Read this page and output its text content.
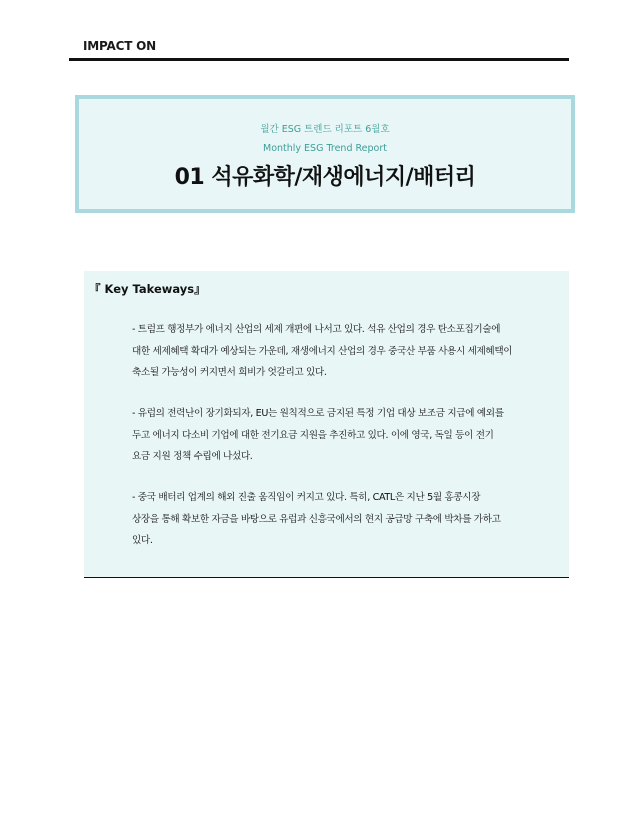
IMPACT ON
월간 ESG 트렌드 리포트 6월호
Monthly ESG Trend Report
01 석유화학/재생에너지/배터리
『 Key Takeways』
- 트럼프 행정부가 에너지 산업의 세제 개편에 나서고 있다. 석유 산업의 경우 탄소포집기술에
대한 세제혜택 확대가 예상되는 가운데, 재생에너지 산업의 경우 중국산 부품 사용시 세제혜택이
축소될 가능성이 커지면서 희비가 엇갈리고 있다.
- 유럽의 전력난이 장기화되자, EU는 원칙적으로 금지된 특정 기업 대상 보조금 지급에 예외를
두고 에너지 다소비 기업에 대한 전기요금 지원을 추진하고 있다. 이에 영국, 독일 등이 전기
요금 지원 정책 수립에 나섰다.
- 중국 배터리 업계의 해외 진출 움직임이 커지고 있다. 특히, CATL은 지난 5월 홍콩시장
상장을 통해 확보한 자금을 바탕으로 유럽과 신흥국에서의 현지 공급망 구축에 박차를 가하고
있다.
